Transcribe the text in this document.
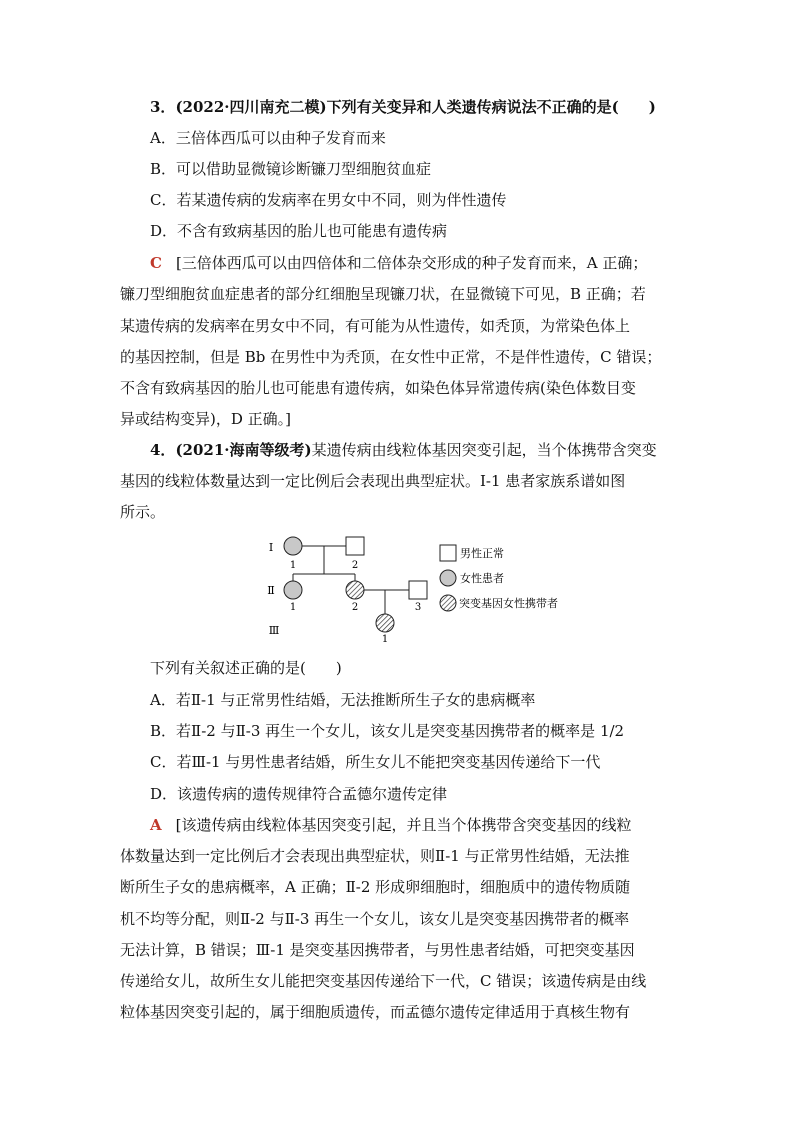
3．(2022·四川南充二模)下列有关变异和人类遗传病说法不正确的是(　　)
A．三倍体西瓜可以由种子发育而来
B．可以借助显微镜诊断镰刀型细胞贫血症
C．若某遗传病的发病率在男女中不同，则为伴性遗传
D．不含有致病基因的胎儿也可能患有遗传病
C [三倍体西瓜可以由四倍体和二倍体杂交形成的种子发育而来，A 正确；
镰刀型细胞贫血症患者的部分红细胞呈现镰刀状，在显微镜下可见，B 正确；若
某遗传病的发病率在男女中不同，有可能为从性遗传，如秃顶，为常染色体上
的基因控制，但是 Bb 在男性中为秃顶，在女性中正常，不是伴性遗传，C 错误；
不含有致病基因的胎儿也可能患有遗传病，如染色体异常遗传病(染色体数目变
异或结构变异)，D 正确。]
4．(2021·海南等级考)某遗传病由线粒体基因突变引起，当个体携带含突变
基因的线粒体数量达到一定比例后会表现出典型症状。Ⅰ-1 患者家族系谱如图
所示。
Ⅰ
Ⅱ
Ⅲ
1	2
1	2	3
1
男性正常
女性患者
突变基因女性携带者
下列有关叙述正确的是(　　)
A．若Ⅱ-1 与正常男性结婚，无法推断所生子女的患病概率
B．若Ⅱ-2 与Ⅱ-3 再生一个女儿，该女儿是突变基因携带者的概率是 1/2
C．若Ⅲ-1 与男性患者结婚，所生女儿不能把突变基因传递给下一代
D．该遗传病的遗传规律符合孟德尔遗传定律
A [该遗传病由线粒体基因突变引起，并且当个体携带含突变基因的线粒
体数量达到一定比例后才会表现出典型症状，则Ⅱ-1 与正常男性结婚，无法推
断所生子女的患病概率，A 正确；Ⅱ-2 形成卵细胞时，细胞质中的遗传物质随
机不均等分配，则Ⅱ-2 与Ⅱ-3 再生一个女儿，该女儿是突变基因携带者的概率
无法计算，B 错误；Ⅲ-1 是突变基因携带者，与男性患者结婚，可把突变基因
传递给女儿，故所生女儿能把突变基因传递给下一代，C 错误；该遗传病是由线
粒体基因突变引起的，属于细胞质遗传，而孟德尔遗传定律适用于真核生物有
